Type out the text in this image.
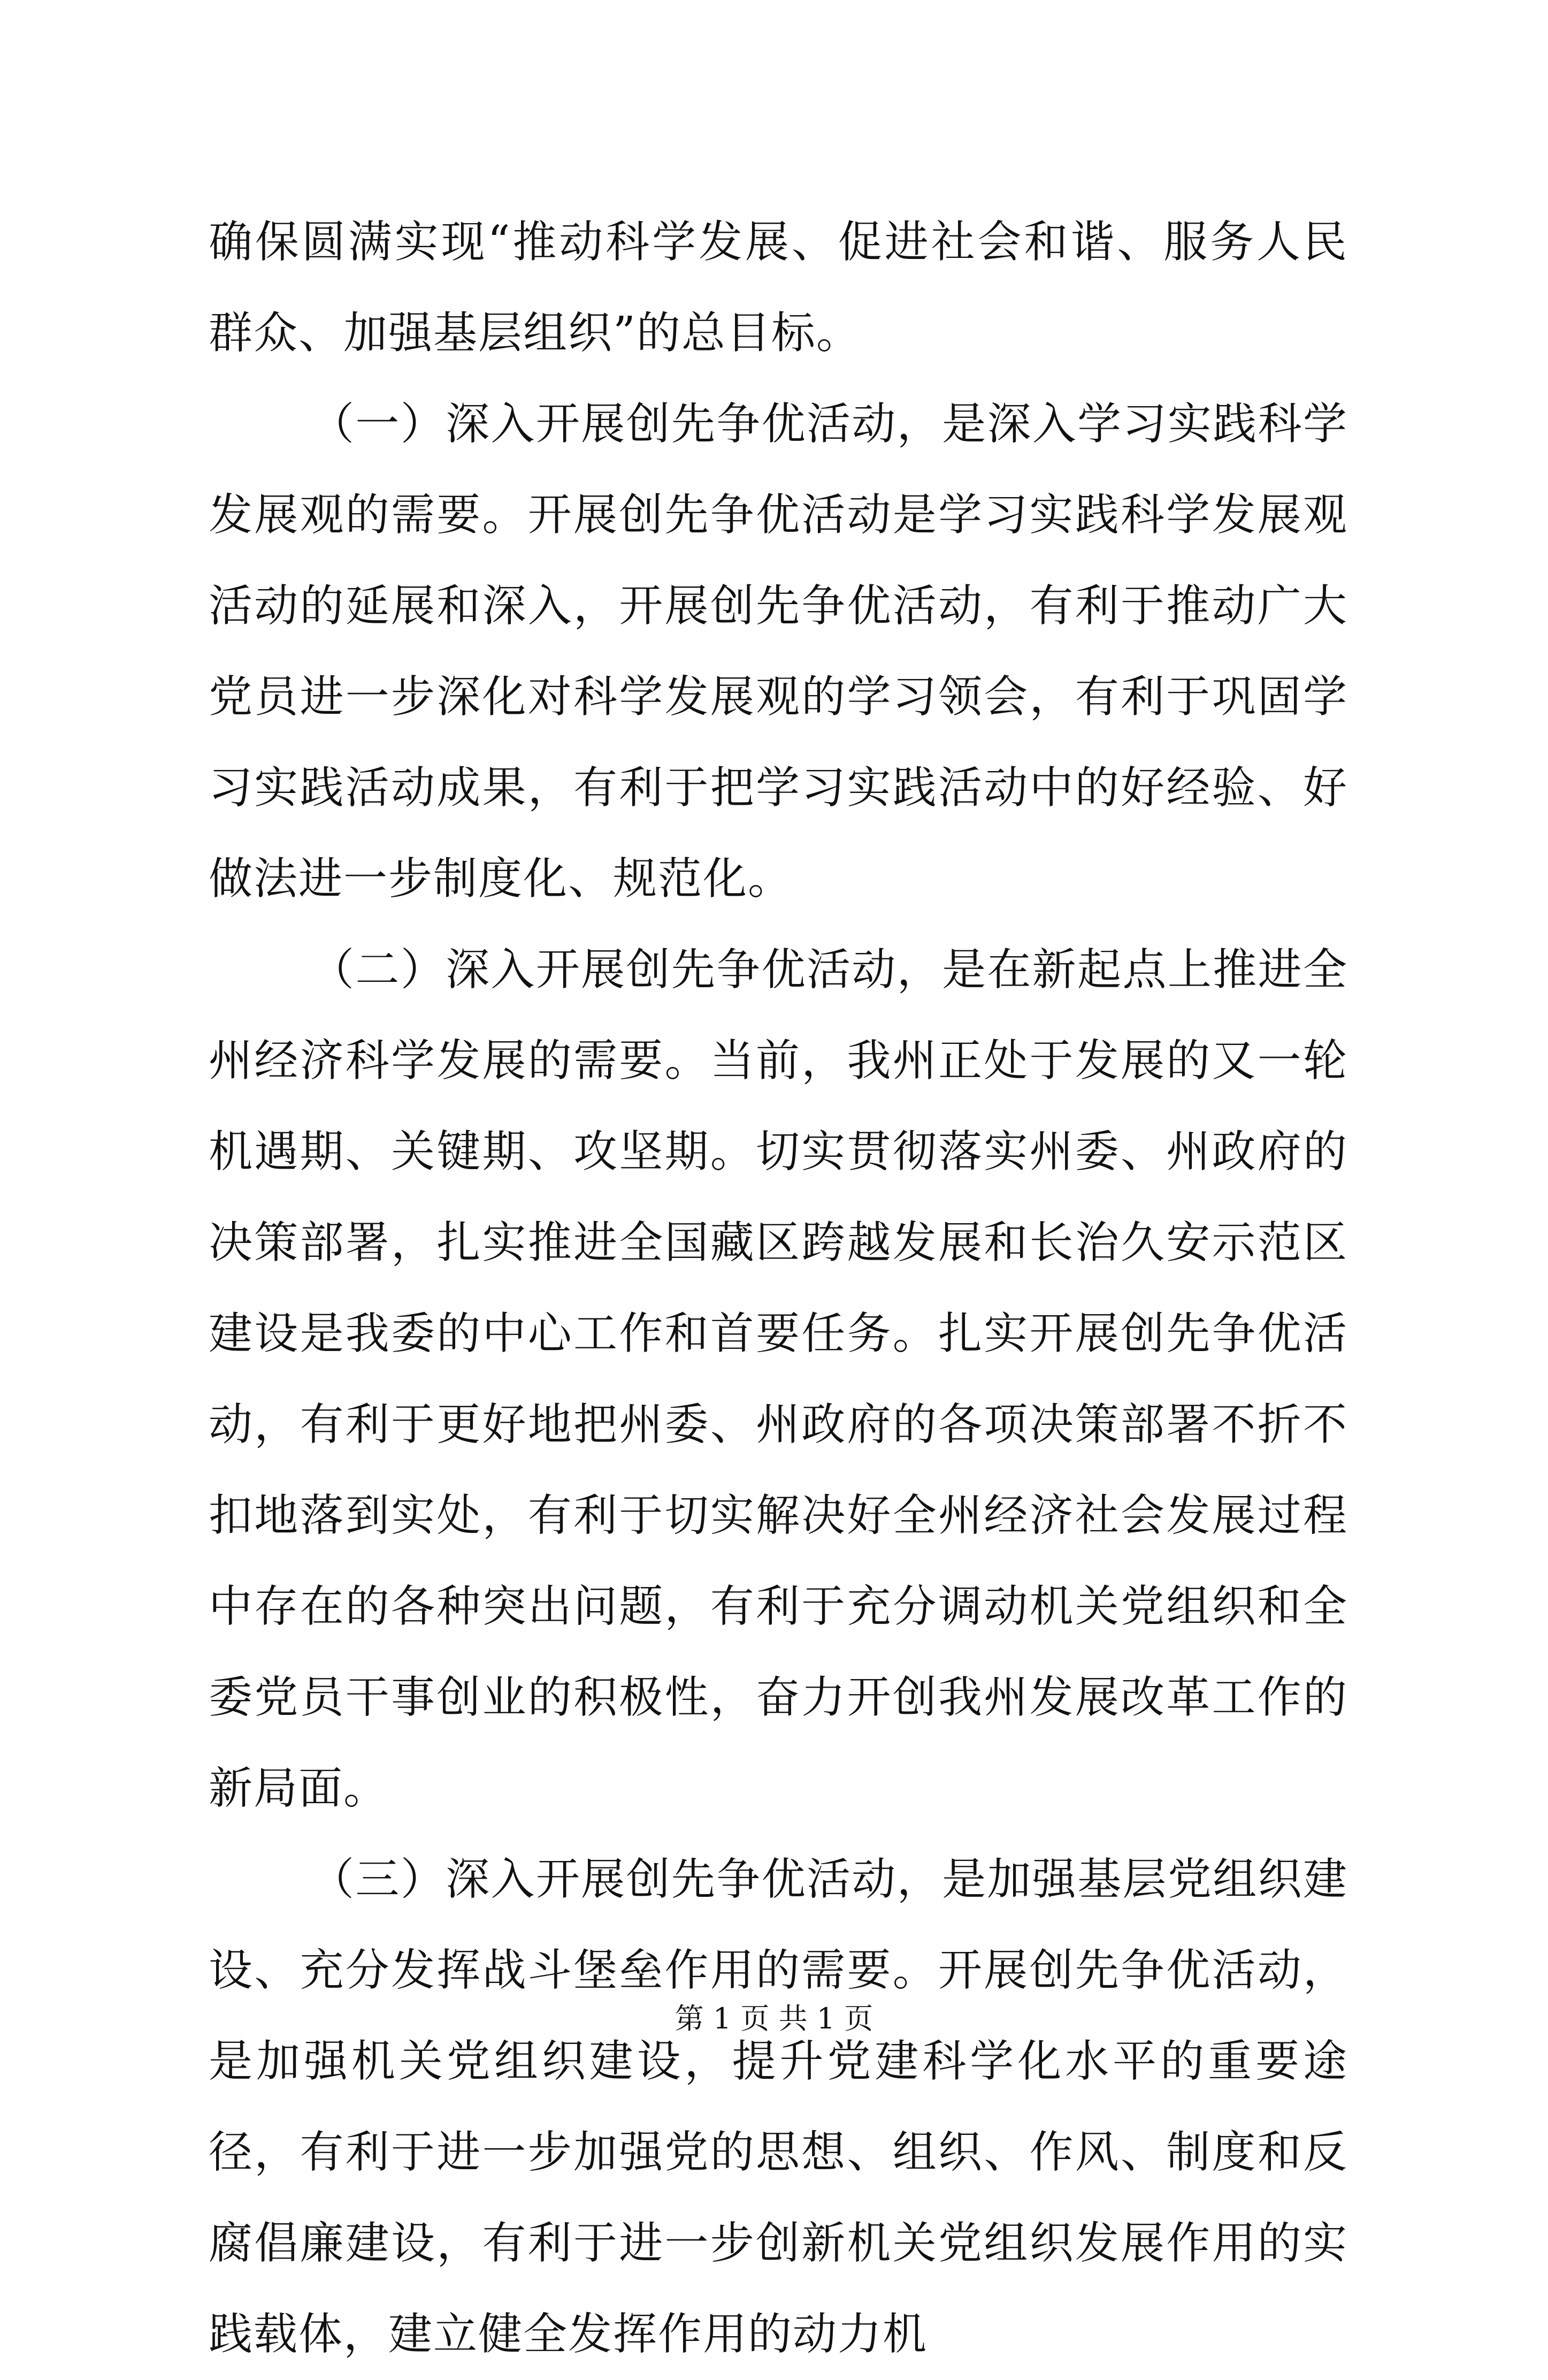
确保圆满实现“推动科学发展、促进社会和谐、服务人民群众、加强基层组织”的总目标。

（一）深入开展创先争优活动，是深入学习实践科学发展观的需要。开展创先争优活动是学习实践科学发展观活动的延展和深入，开展创先争优活动，有利于推动广大党员进一步深化对科学发展观的学习领会，有利于巩固学习实践活动成果，有利于把学习实践活动中的好经验、好做法进一步制度化、规范化。

（二）深入开展创先争优活动，是在新起点上推进全州经济科学发展的需要。当前，我州正处于发展的又一轮机遇期、关键期、攻坚期。切实贯彻落实州委、州政府的决策部署，扎实推进全国藏区跨越发展和长治久安示范区建设是我委的中心工作和首要任务。扎实开展创先争优活动，有利于更好地把州委、州政府的各项决策部署不折不扣地落到实处，有利于切实解决好全州经济社会发展过程中存在的各种突出问题，有利于充分调动机关党组织和全委党员干事创业的积极性，奋力开创我州发展改革工作的新局面。

（三）深入开展创先争优活动，是加强基层党组织建设、充分发挥战斗堡垒作用的需要。开展创先争优活动，是加强机关党组织建设，提升党建科学化水平的重要途径，有利于进一步加强党的思想、组织、作风、制度和反腐倡廉建设，有利于进一步创新机关党组织发展作用的实践载体，建立健全发挥作用的动力机

第 1 页 共 1 页
